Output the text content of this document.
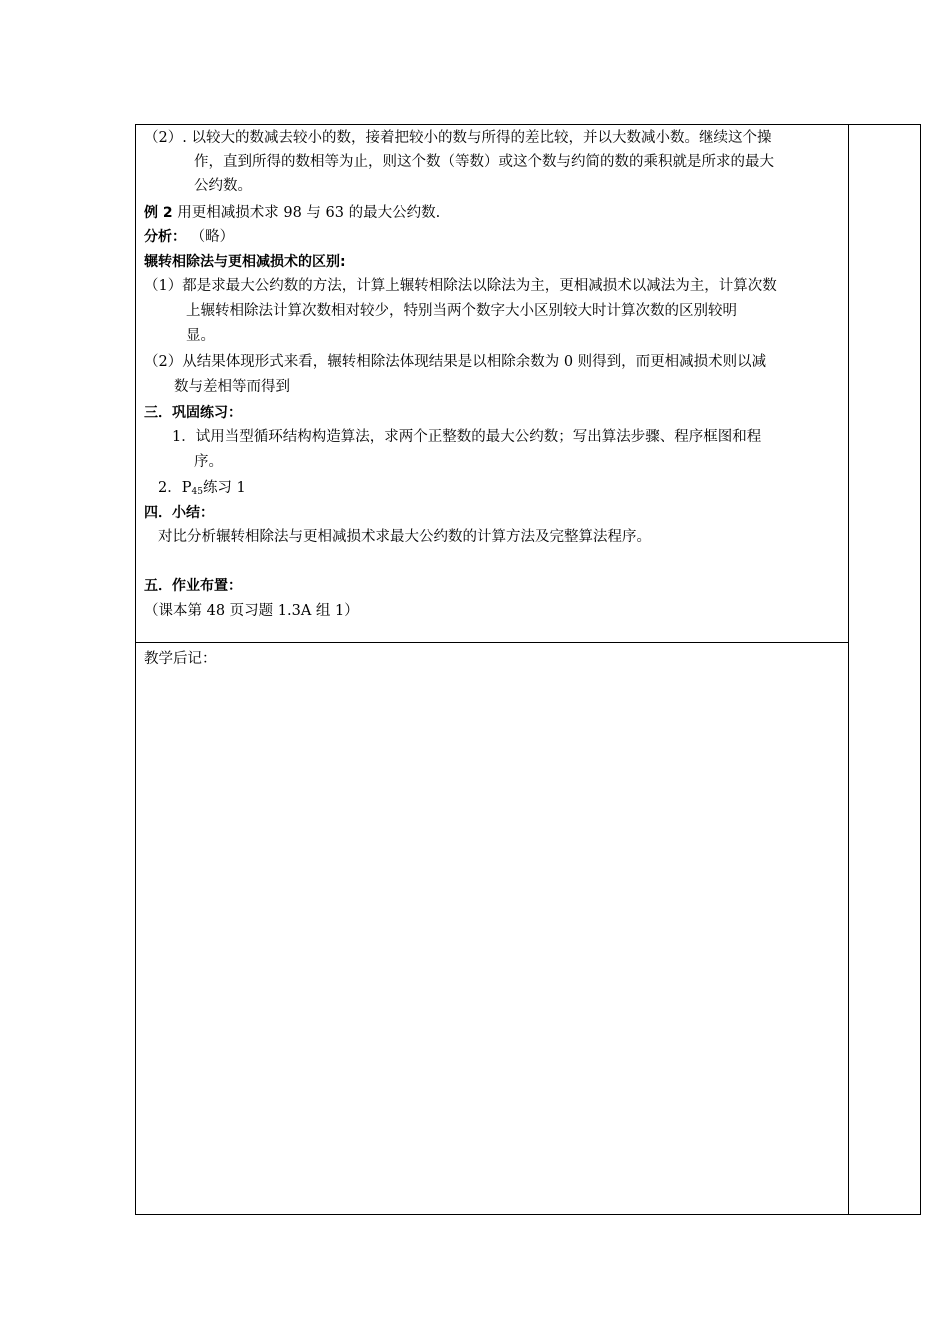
（2）. 以较大的数减去较小的数，接着把较小的数与所得的差比较，并以大数减小数。继续这个操
作，直到所得的数相等为止，则这个数（等数）或这个数与约简的数的乘积就是所求的最大
公约数。
例 2 用更相减损术求 98 与 63 的最大公约数.
分析： （略）
辗转相除法与更相减损术的区别:
（1）都是求最大公约数的方法，计算上辗转相除法以除法为主，更相减损术以减法为主，计算次数
上辗转相除法计算次数相对较少，特别当两个数字大小区别较大时计算次数的区别较明
显。
（2）从结果体现形式来看，辗转相除法体现结果是以相除余数为 0 则得到，而更相减损术则以减
数与差相等而得到
三．巩固练习：
1．试用当型循环结构构造算法，求两个正整数的最大公约数；写出算法步骤、程序框图和程
序。
2．$P_{45}$练习 1
四．小结：
对比分析辗转相除法与更相减损术求最大公约数的计算方法及完整算法程序。
五．作业布置：
（课本第 48 页习题 1.3A 组 1）
教学后记：
